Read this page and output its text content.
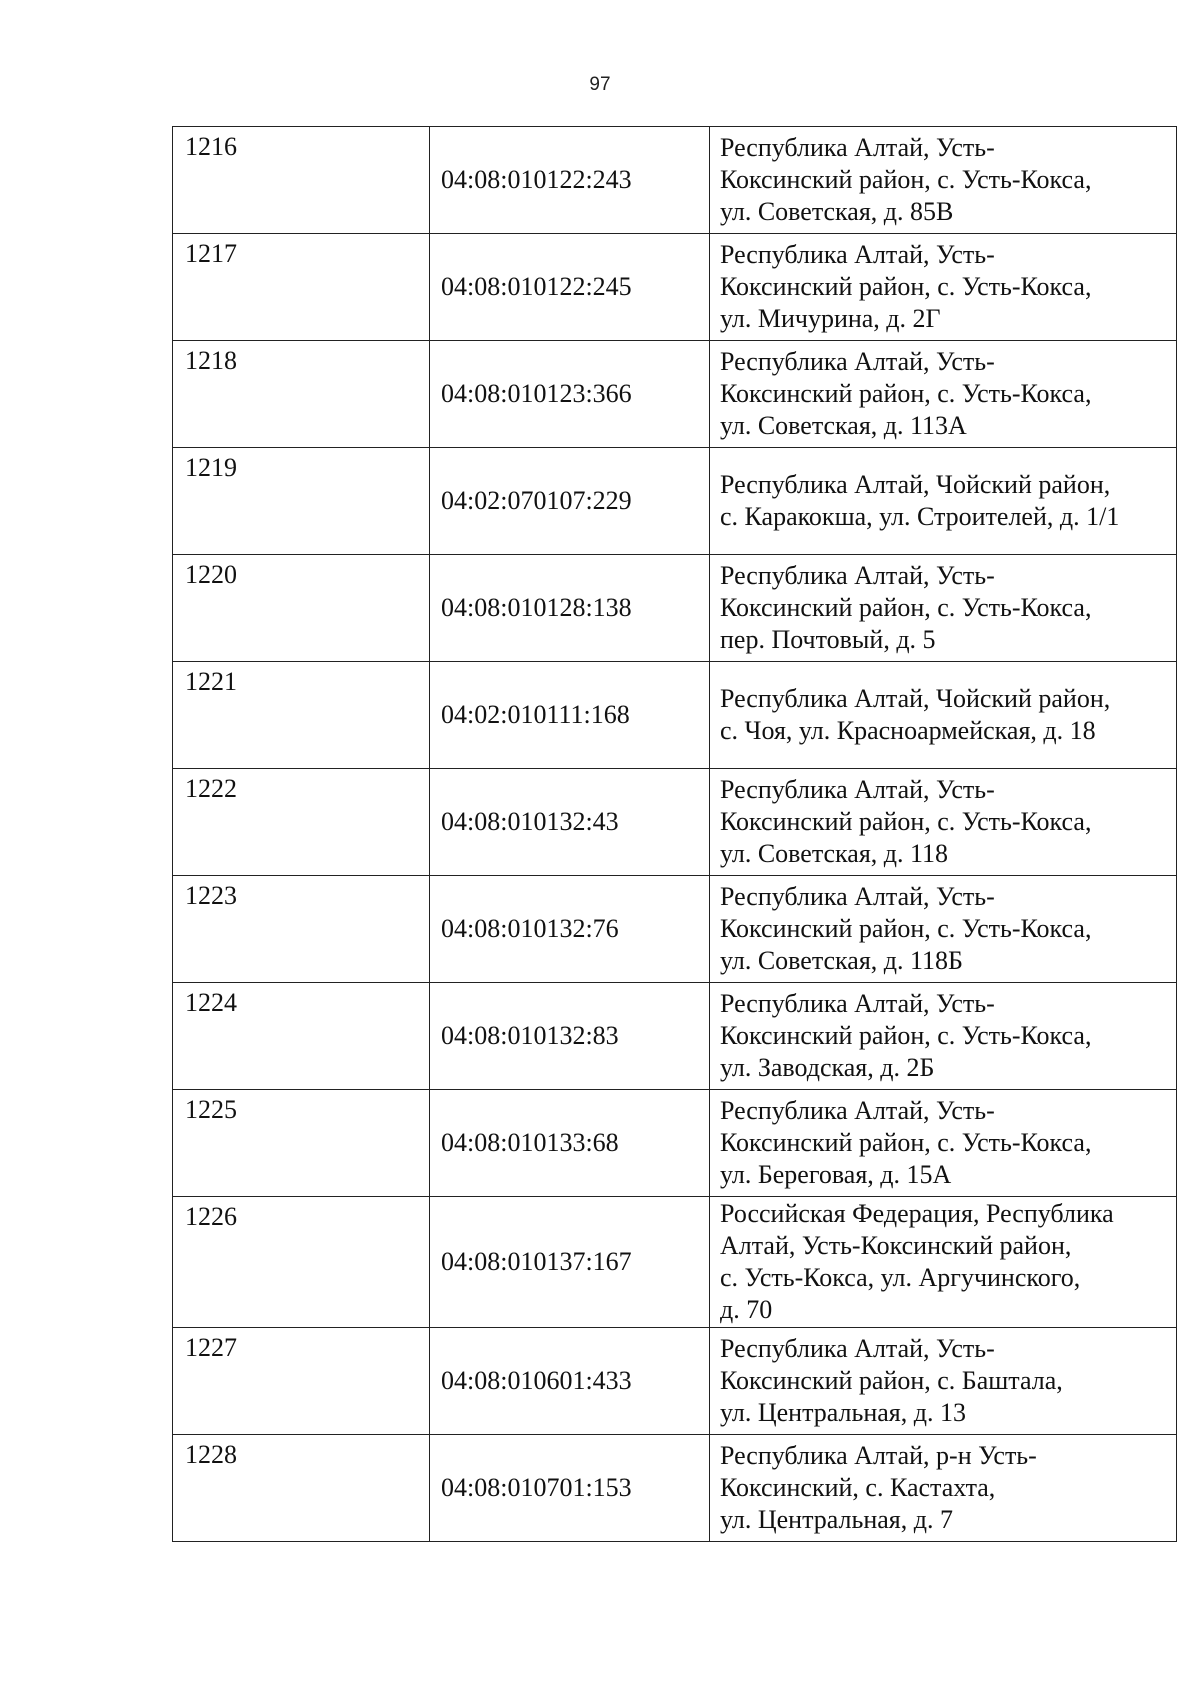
97
1216	04:08:010122:243	Республика Алтай, Усть-
Коксинский район, с. Усть-Кокса,
ул. Советская, д. 85В
1217	04:08:010122:245	Республика Алтай, Усть-
Коксинский район, с. Усть-Кокса,
ул. Мичурина, д. 2Г
1218	04:08:010123:366	Республика Алтай, Усть-
Коксинский район, с. Усть-Кокса,
ул. Советская, д. 113А
1219	04:02:070107:229	Республика Алтай, Чойский район,
с. Каракокша, ул. Строителей, д. 1/1
1220	04:08:010128:138	Республика Алтай, Усть-
Коксинский район, с. Усть-Кокса,
пер. Почтовый, д. 5
1221	04:02:010111:168	Республика Алтай, Чойский район,
с. Чоя, ул. Красноармейская, д. 18
1222	04:08:010132:43	Республика Алтай, Усть-
Коксинский район, с. Усть-Кокса,
ул. Советская, д. 118
1223	04:08:010132:76	Республика Алтай, Усть-
Коксинский район, с. Усть-Кокса,
ул. Советская, д. 118Б
1224	04:08:010132:83	Республика Алтай, Усть-
Коксинский район, с. Усть-Кокса,
ул. Заводская, д. 2Б
1225	04:08:010133:68	Республика Алтай, Усть-
Коксинский район, с. Усть-Кокса,
ул. Береговая, д. 15А
1226	04:08:010137:167	Российская Федерация, Республика
Алтай, Усть-Коксинский район,
с. Усть-Кокса, ул. Аргучинского,
д. 70
1227	04:08:010601:433	Республика Алтай, Усть-
Коксинский район, с. Баштала,
ул. Центральная, д. 13
1228	04:08:010701:153	Республика Алтай, р-н Усть-
Коксинский, с. Кастахта,
ул. Центральная, д. 7
